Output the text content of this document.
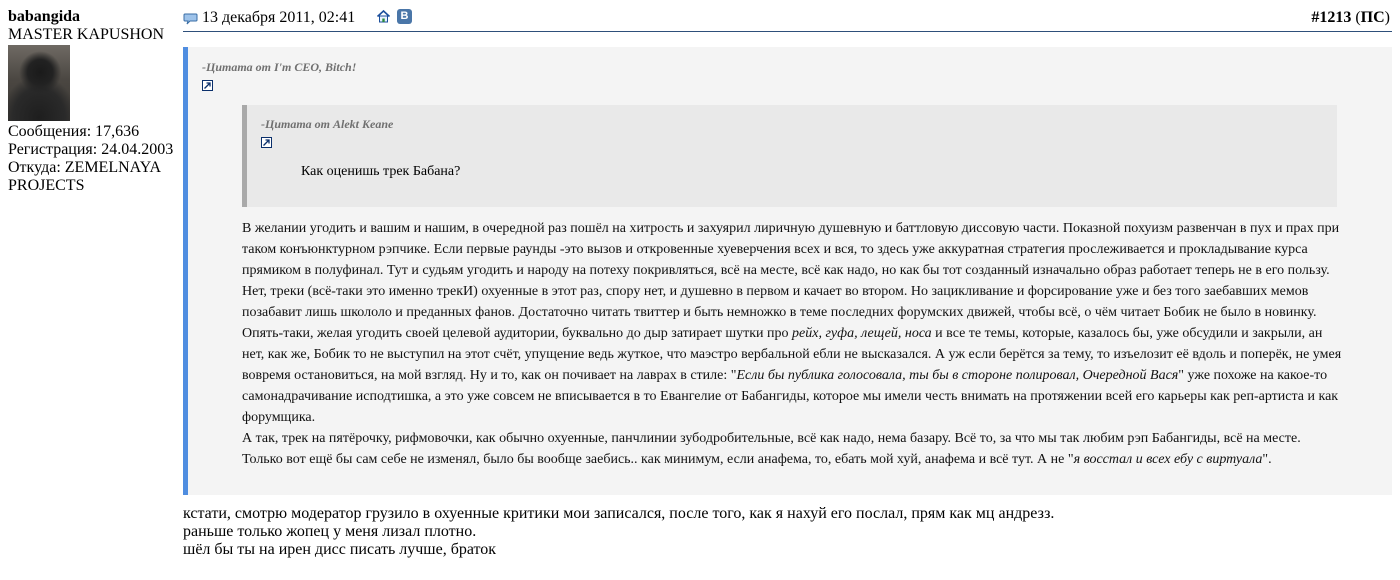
babangida
MASTER KAPUSHON
Сообщения: 17,636
Регистрация: 24.04.2003
Откуда: ZEMELNAYA PROJECTS
13 декабря 2011, 02:41	B	#1213 (ПС)
-Цитата от I'm CEO, Bitch!
-Цитата от Alekt Keane
Как оценишь трек Бабана?

В желании угодить и вашим и нашим, в очередной раз пошёл на хитрость и захуярил лиричную душевную и баттловую диссовую части. Показной похуизм развенчан в пух и прах при таком конъюнктурном рэпчике. Если первые раунды -это вызов и откровенные хуеверчения всех и вся, то здесь уже аккуратная стратегия прослеживается и прокладывание курса прямиком в полуфинал. Тут и судьям угодить и народу на потеху покривляться, всё на месте, всё как надо, но как бы тот созданный изначально образ работает теперь не в его пользу. Нет, треки (всё-таки это именно трекИ) охуенные в этот раз, спору нет, и душевно в первом и качает во втором. Но зацикливание и форсирование уже и без того заебавших мемов позабавит лишь школоло и преданных фанов. Достаточно читать твиттер и быть немножко в теме последних форумских движей, чтобы всё, о чём читает Бобик не было в новинку. Опять-таки, желая угодить своей целевой аудитории, буквально до дыр затирает шутки про рейх, гуфа, лещей, носа и все те темы, которые, казалось бы, уже обсудили и закрыли, ан нет, как же, Бобик то не выступил на этот счёт, упущение ведь жуткое, что маэстро вербальной ебли не высказался. А уж если берётся за тему, то изъелозит её вдоль и поперёк, не умея вовремя остановиться, на мой взгляд. Ну и то, как он почивает на лаврах в стиле: "Если бы публика голосовала, ты бы в стороне полировал, Очередной Вася" уже похоже на какое-то самонадрачивание исподтишка, а это уже совсем не вписывается в то Евангелие от Бабангиды, которое мы имели честь внимать на протяжении всей его карьеры как реп-артиста и как форумщика.

А так, трек на пятёрочку, рифмовочки, как обычно охуенные, панчлинии зубодробительные, всё как надо, нема базару. Всё то, за что мы так любим рэп Бабангиды, всё на месте. Только вот ещё бы сам себе не изменял, было бы вообще заебись.. как минимум, если анафема, то, ебать мой хуй, анафема и всё тут. А не "я восстал и всех ебу с виртуала".

кстати, смотрю модератор грузило в охуенные критики мои записался, после того, как я нахуй его послал, прям как мц андрезз.

раньше только жопец у меня лизал плотно.

шёл бы ты на ирен дисс писать лучше, браток
